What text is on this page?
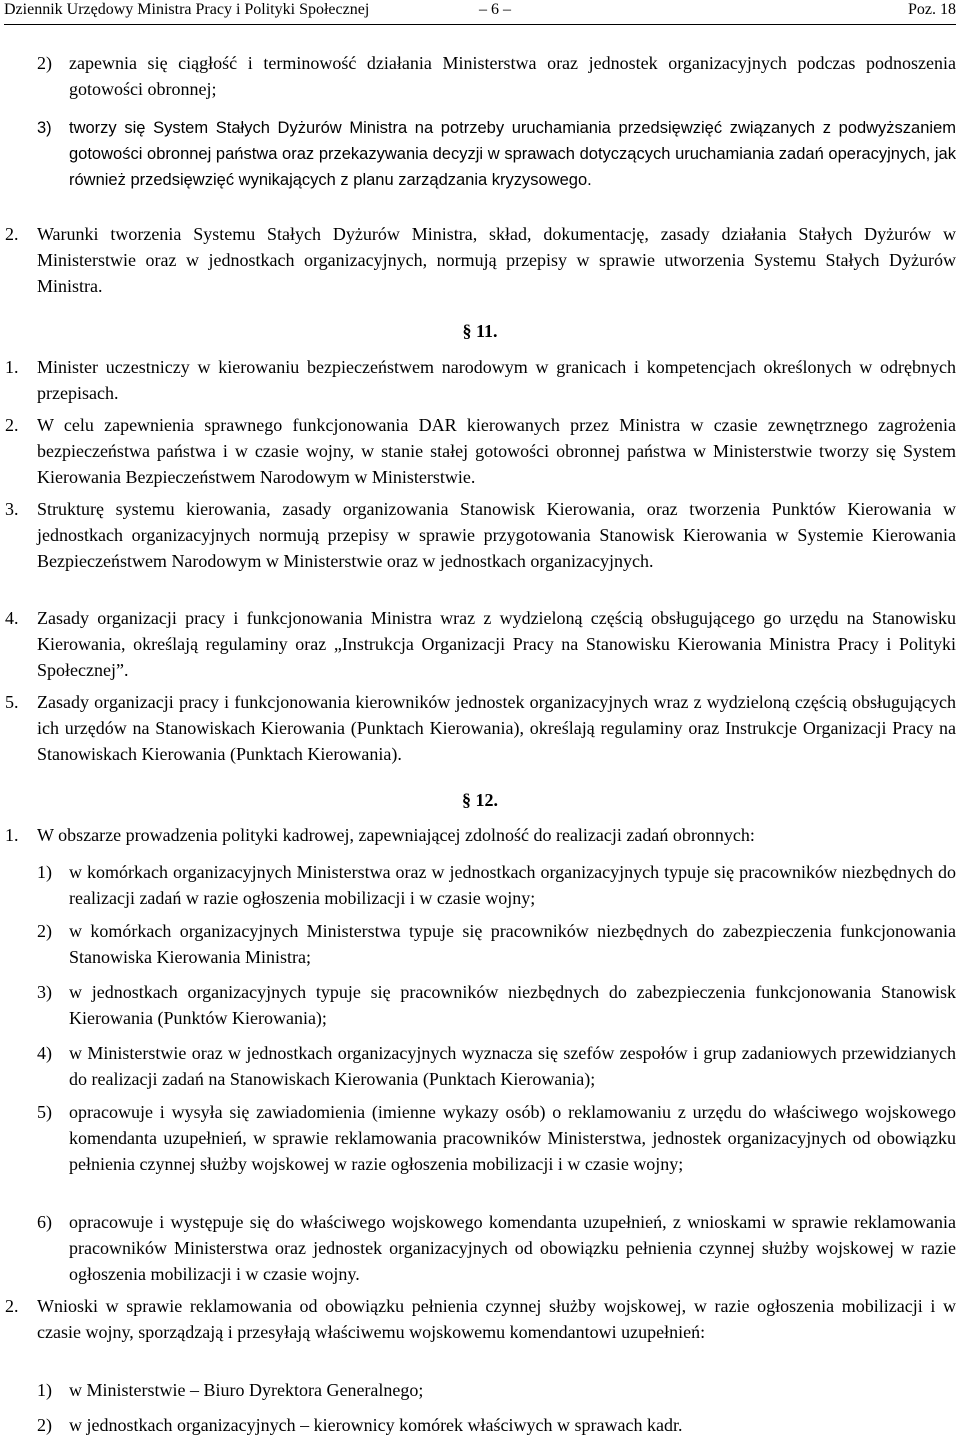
Dziennik Urzędowy Ministra Pracy i Polityki Społecznej	– 6 –	Poz. 18
2) zapewnia się ciągłość i terminowość działania Ministerstwa oraz jednostek organizacyjnych podczas podnoszenia gotowości obronnej;
3) tworzy się System Stałych Dyżurów Ministra na potrzeby uruchamiania przedsięwzięć związanych z podwyższaniem gotowości obronnej państwa oraz przekazywania decyzji w sprawach dotyczących uruchamiania zadań operacyjnych, jak również przedsięwzięć wynikających z planu zarządzania kryzysowego.
2. Warunki tworzenia Systemu Stałych Dyżurów Ministra, skład, dokumentację, zasady działania Stałych Dyżurów w Ministerstwie oraz w jednostkach organizacyjnych, normują przepisy w sprawie utworzenia Systemu Stałych Dyżurów Ministra.
§ 11.
1. Minister uczestniczy w kierowaniu bezpieczeństwem narodowym w granicach i kompetencjach określonych w odrębnych przepisach.
2. W celu zapewnienia sprawnego funkcjonowania DAR kierowanych przez Ministra w czasie zewnętrznego zagrożenia bezpieczeństwa państwa i w czasie wojny, w stanie stałej gotowości obronnej państwa w Ministerstwie tworzy się System Kierowania Bezpieczeństwem Narodowym w Ministerstwie.
3. Strukturę systemu kierowania, zasady organizowania Stanowisk Kierowania, oraz tworzenia Punktów Kierowania w jednostkach organizacyjnych normują przepisy w sprawie przygotowania Stanowisk Kierowania w Systemie Kierowania Bezpieczeństwem Narodowym w Ministerstwie oraz w jednostkach organizacyjnych.
4. Zasady organizacji pracy i funkcjonowania Ministra wraz z wydzieloną częścią obsługującego go urzędu na Stanowisku Kierowania, określają regulaminy oraz „Instrukcja Organizacji Pracy na Stanowisku Kierowania Ministra Pracy i Polityki Społecznej”.
5. Zasady organizacji pracy i funkcjonowania kierowników jednostek organizacyjnych wraz z wydzieloną częścią obsługujących ich urzędów na Stanowiskach Kierowania (Punktach Kierowania), określają regulaminy oraz Instrukcje Organizacji Pracy na Stanowiskach Kierowania (Punktach Kierowania).
§ 12.
1. W obszarze prowadzenia polityki kadrowej, zapewniającej zdolność do realizacji zadań obronnych:
1) w komórkach organizacyjnych Ministerstwa oraz w jednostkach organizacyjnych typuje się pracowników niezbędnych do realizacji zadań w razie ogłoszenia mobilizacji i w czasie wojny;
2) w komórkach organizacyjnych Ministerstwa typuje się pracowników niezbędnych do zabezpieczenia funkcjonowania Stanowiska Kierowania Ministra;
3) w jednostkach organizacyjnych typuje się pracowników niezbędnych do zabezpieczenia funkcjonowania Stanowisk Kierowania (Punktów Kierowania);
4) w Ministerstwie oraz w jednostkach organizacyjnych wyznacza się szefów zespołów i grup zadaniowych przewidzianych do realizacji zadań na Stanowiskach Kierowania (Punktach Kierowania);
5) opracowuje i wysyła się zawiadomienia (imienne wykazy osób) o reklamowaniu z urzędu do właściwego wojskowego komendanta uzupełnień, w sprawie reklamowania pracowników Ministerstwa, jednostek organizacyjnych od obowiązku pełnienia czynnej służby wojskowej w razie ogłoszenia mobilizacji i w czasie wojny;
6) opracowuje i występuje się do właściwego wojskowego komendanta uzupełnień, z wnioskami w sprawie reklamowania pracowników Ministerstwa oraz jednostek organizacyjnych od obowiązku pełnienia czynnej służby wojskowej w razie ogłoszenia mobilizacji i w czasie wojny.
2. Wnioski w sprawie reklamowania od obowiązku pełnienia czynnej służby wojskowej, w razie ogłoszenia mobilizacji i w czasie wojny, sporządzają i przesyłają właściwemu wojskowemu komendantowi uzupełnień:
1) w Ministerstwie – Biuro Dyrektora Generalnego;
2) w jednostkach organizacyjnych – kierownicy komórek właściwych w sprawach kadr.
